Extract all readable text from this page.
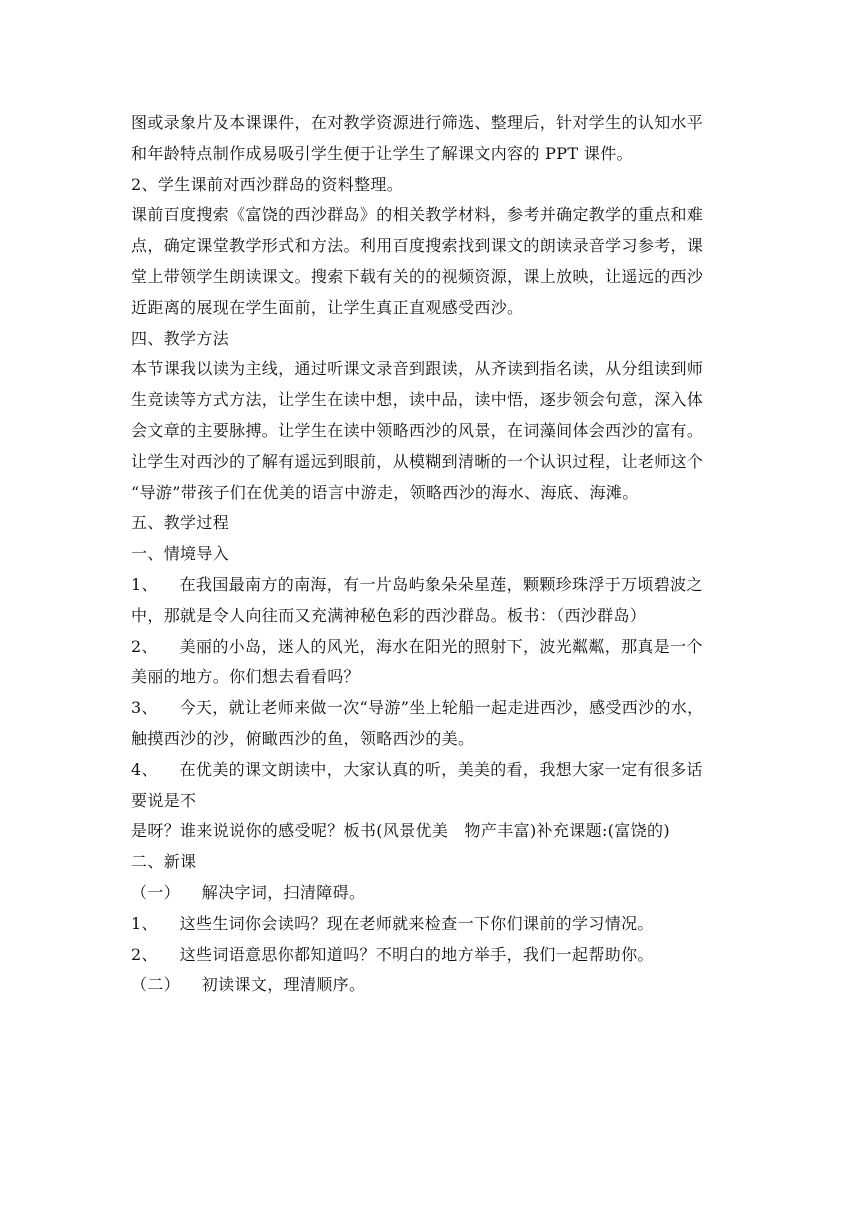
图或录象片及本课课件，在对教学资源进行筛选、整理后，针对学生的认知水平
和年龄特点制作成易吸引学生便于让学生了解课文内容的 PPT 课件。
2、学生课前对西沙群岛的资料整理。
课前百度搜索《富饶的西沙群岛》的相关教学材料，参考并确定教学的重点和难
点，确定课堂教学形式和方法。利用百度搜索找到课文的朗读录音学习参考，课
堂上带领学生朗读课文。搜索下载有关的的视频资源，课上放映，让遥远的西沙
近距离的展现在学生面前，让学生真正直观感受西沙。
四、教学方法
本节课我以读为主线，通过听课文录音到跟读，从齐读到指名读，从分组读到师
生竞读等方式方法，让学生在读中想，读中品，读中悟，逐步领会句意，深入体
会文章的主要脉搏。让学生在读中领略西沙的风景，在词藻间体会西沙的富有。
让学生对西沙的了解有遥远到眼前，从模糊到清晰的一个认识过程，让老师这个
“导游”带孩子们在优美的语言中游走，领略西沙的海水、海底、海滩。
五、教学过程
一、情境导入
1、    在我国最南方的南海，有一片岛屿象朵朵星莲，颗颗珍珠浮于万顷碧波之
中，那就是令人向往而又充满神秘色彩的西沙群岛。板书：（西沙群岛）
2、    美丽的小岛，迷人的风光，海水在阳光的照射下，波光粼粼，那真是一个
美丽的地方。你们想去看看吗？
3、    今天，就让老师来做一次“导游”坐上轮船一起走进西沙，感受西沙的水，
触摸西沙的沙，俯瞰西沙的鱼，领略西沙的美。
4、    在优美的课文朗读中，大家认真的听，美美的看，我想大家一定有很多话
要说是不
是呀？谁来说说你的感受呢？板书(风景优美   物产丰富)补充课题:(富饶的)
二、新课
（一）    解决字词，扫清障碍。
1、    这些生词你会读吗？现在老师就来检查一下你们课前的学习情况。
2、    这些词语意思你都知道吗？不明白的地方举手，我们一起帮助你。
（二）    初读课文，理清顺序。
